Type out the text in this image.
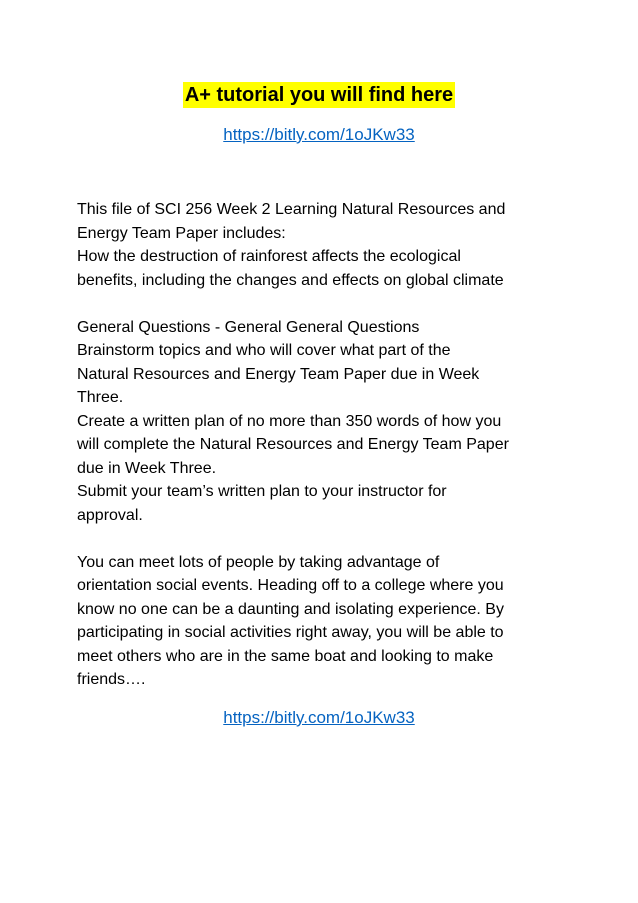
A+ tutorial you will find here
https://bitly.com/1oJKw33

This file of SCI 256 Week 2 Learning Natural Resources and
Energy Team Paper includes:
How the destruction of rainforest affects the ecological
benefits, including the changes and effects on global climate

General Questions - General General Questions
Brainstorm topics and who will cover what part of the
Natural Resources and Energy Team Paper due in Week
Three.
Create a written plan of no more than 350 words of how you
will complete the Natural Resources and Energy Team Paper
due in Week Three.
Submit your team’s written plan to your instructor for
approval.

You can meet lots of people by taking advantage of
orientation social events. Heading off to a college where you
know no one can be a daunting and isolating experience. By
participating in social activities right away, you will be able to
meet others who are in the same boat and looking to make
friends….

https://bitly.com/1oJKw33
